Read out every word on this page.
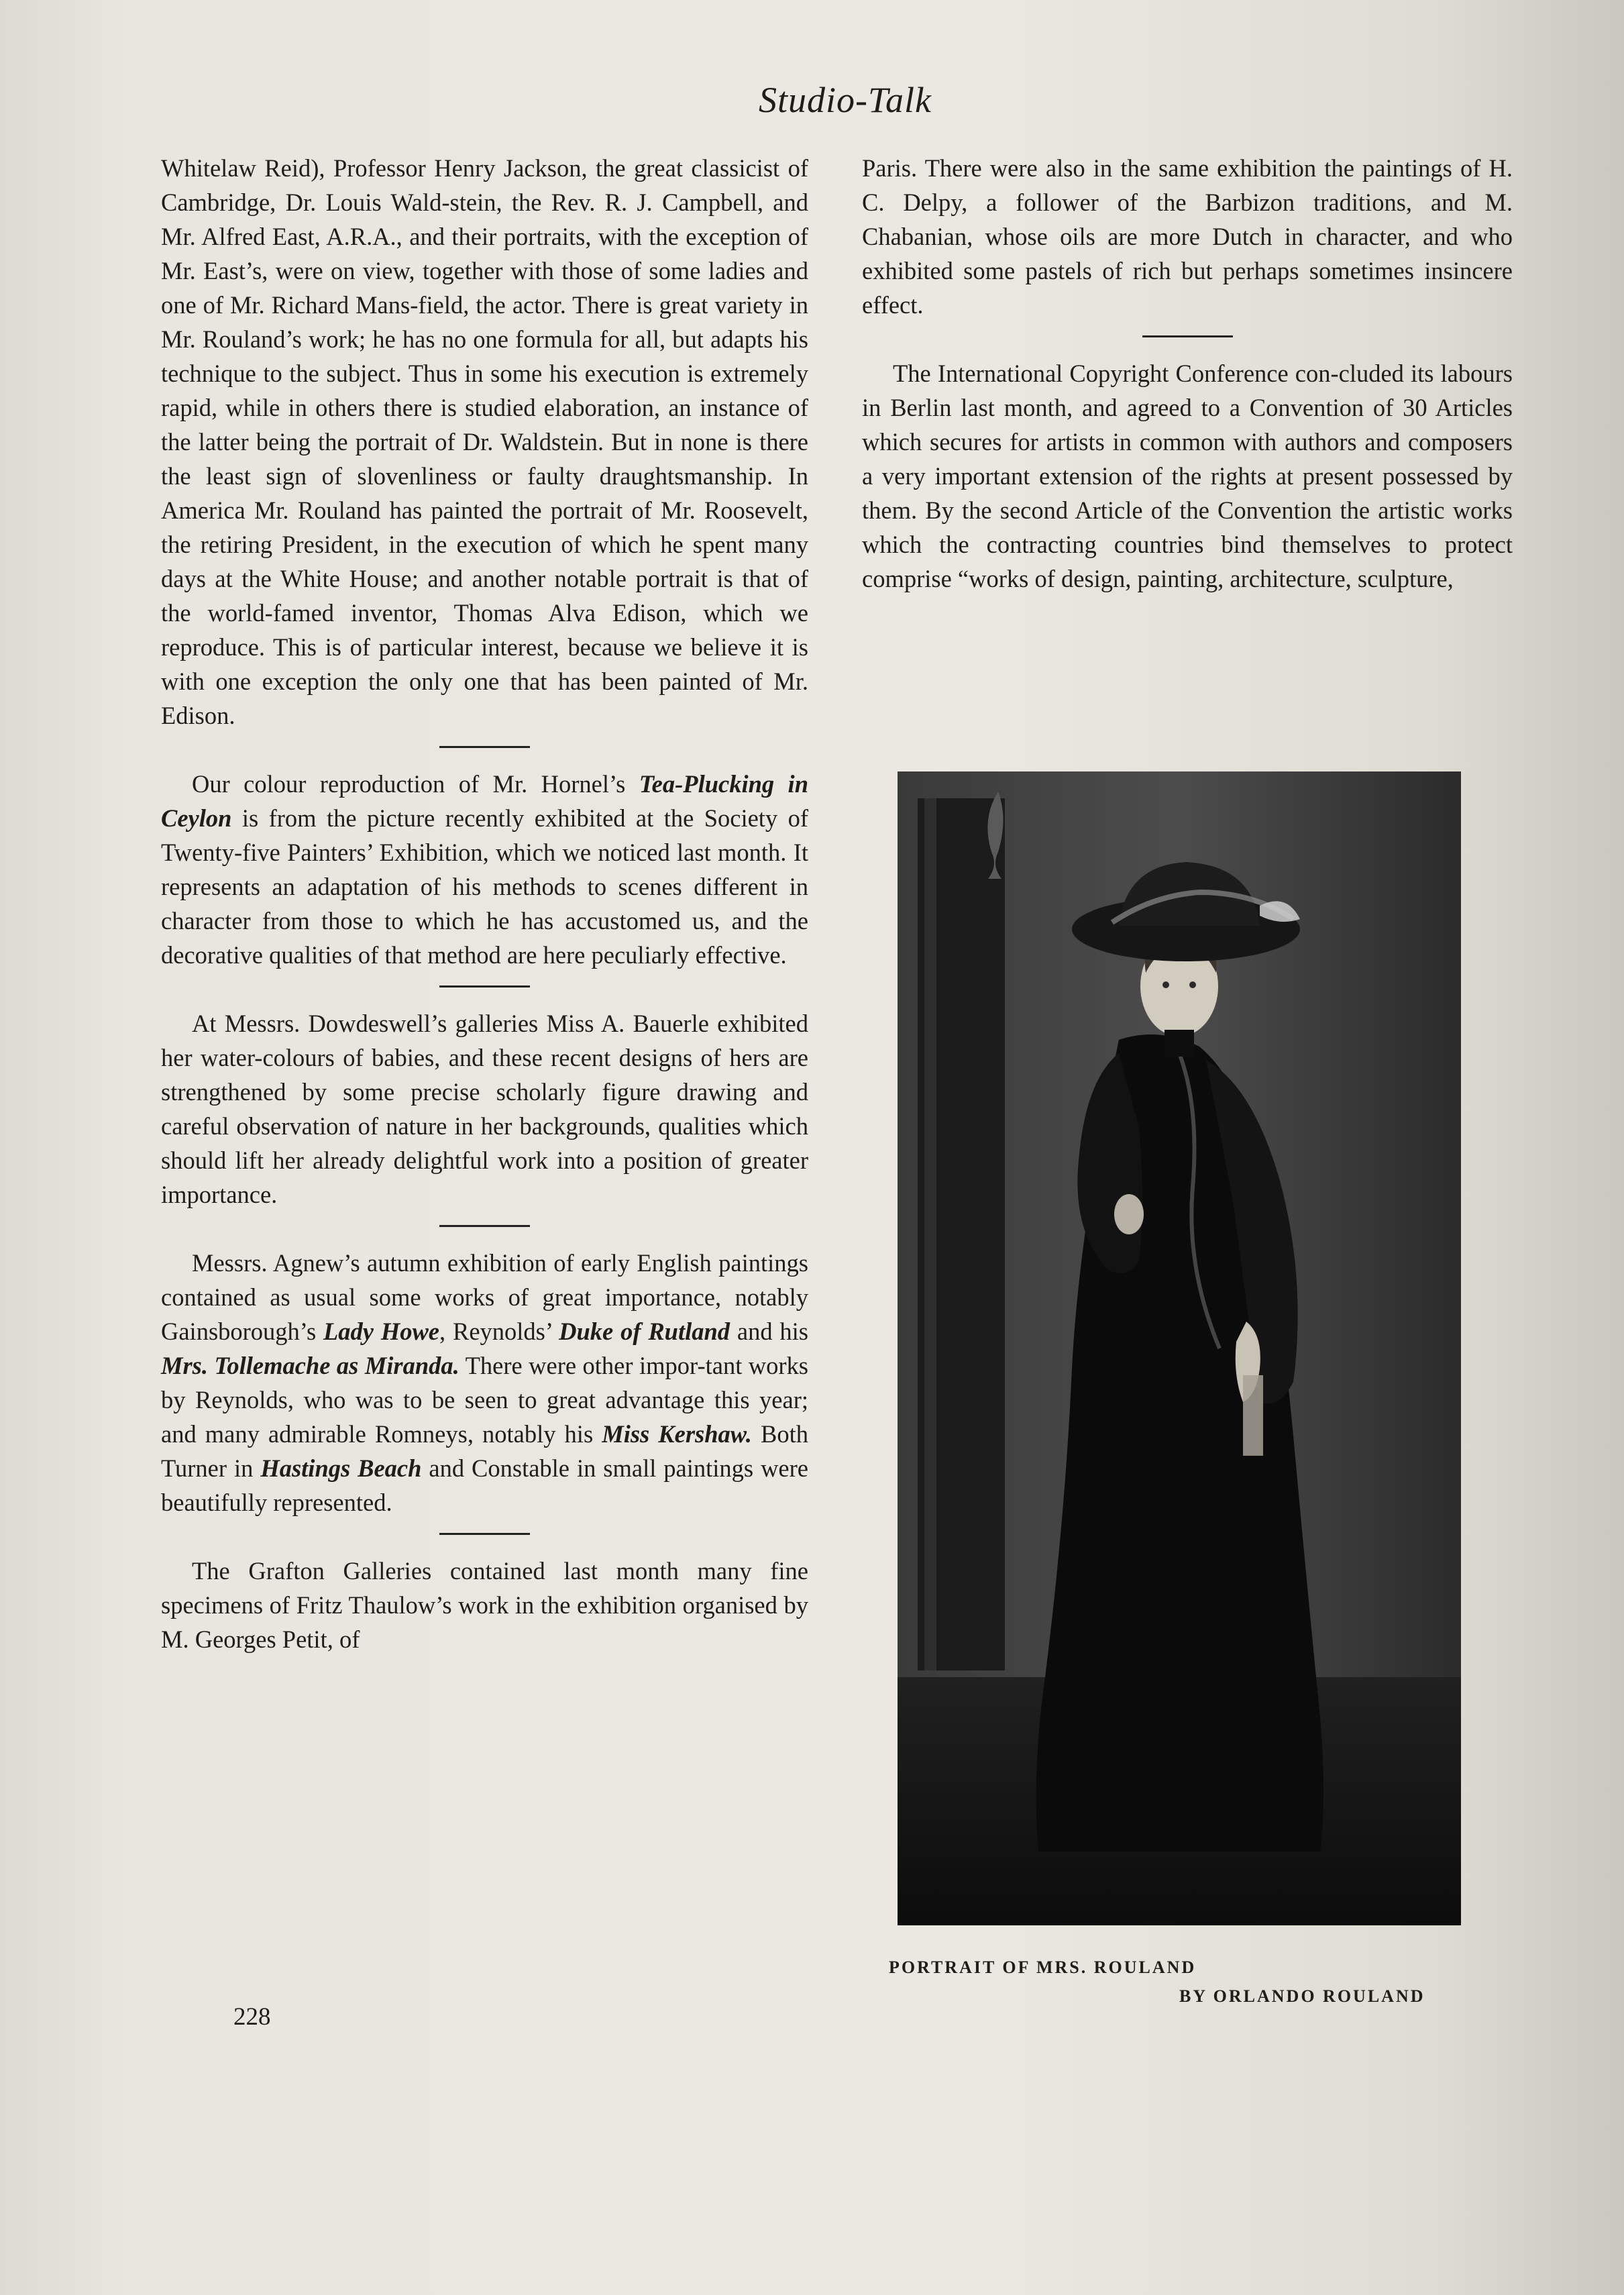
Studio-Talk

Whitelaw Reid), Professor Henry Jackson, the great classicist of Cambridge, Dr. Louis Wald-stein, the Rev. R. J. Campbell, and Mr. Alfred East, A.R.A., and their portraits, with the exception of Mr. East’s, were on view, together with those of some ladies and one of Mr. Richard Mans-field, the actor. There is great variety in Mr. Rouland’s work; he has no one formula for all, but adapts his technique to the subject. Thus in some his execution is extremely rapid, while in others there is studied elaboration, an instance of the latter being the portrait of Dr. Waldstein. But in none is there the least sign of slovenliness or faulty draughtsmanship. In America Mr. Rouland has painted the portrait of Mr. Roosevelt, the retiring President, in the execution of which he spent many days at the White House; and another notable portrait is that of the world-famed inventor, Thomas Alva Edison, which we reproduce. This is of particular interest, because we believe it is with one exception the only one that has been painted of Mr. Edison.

Our colour reproduction of Mr. Hornel’s Tea-Plucking in Ceylon is from the picture recently exhibited at the Society of Twenty-five Painters’ Exhibition, which we noticed last month. It represents an adaptation of his methods to scenes different in character from those to which he has accustomed us, and the decorative qualities of that method are here peculiarly effective.

At Messrs. Dowdeswell’s galleries Miss A. Bauerle exhibited her water-colours of babies, and these recent designs of hers are strengthened by some precise scholarly figure drawing and careful observation of nature in her backgrounds, qualities which should lift her already delightful work into a position of greater importance.

Messrs. Agnew’s autumn exhibition of early English paintings contained as usual some works of great importance, notably Gainsborough’s Lady Howe, Reynolds’ Duke of Rutland and his Mrs. Tollemache as Miranda. There were other impor-tant works by Reynolds, who was to be seen to great advantage this year; and many admirable Romneys, notably his Miss Kershaw. Both Turner in Hastings Beach and Constable in small paintings were beautifully represented.

The Grafton Galleries contained last month many fine specimens of Fritz Thaulow’s work in the exhibition organised by M. Georges Petit, of

Paris. There were also in the same exhibition the paintings of H. C. Delpy, a follower of the Barbizon traditions, and M. Chabanian, whose oils are more Dutch in character, and who exhibited some pastels of rich but perhaps sometimes insincere effect.

The International Copyright Conference con-cluded its labours in Berlin last month, and agreed to a Convention of 30 Articles which secures for artists in common with authors and composers a very important extension of the rights at present possessed by them. By the second Article of the Convention the artistic works which the contracting countries bind themselves to protect comprise “works of design, painting, architecture, sculpture,

PORTRAIT OF MRS. ROULAND
BY ORLANDO ROULAND
228
